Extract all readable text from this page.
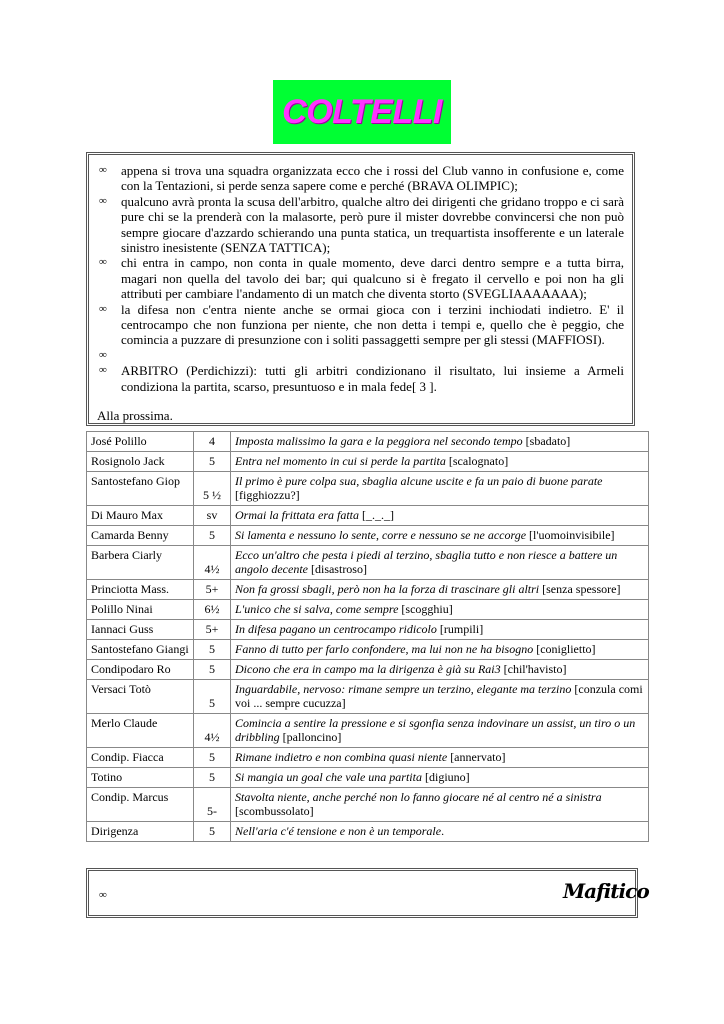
COLTELLI
∞	appena si trova una squadra organizzata ecco che i rossi del Club vanno in confusione e, come con la Tentazioni, si perde senza sapere come e perché (BRAVA OLIMPIC);
∞	qualcuno avrà pronta la scusa dell'arbitro, qualche altro dei dirigenti che gridano troppo e ci sarà pure chi se la prenderà con la malasorte, però pure il mister dovrebbe convincersi che non può sempre giocare d'azzardo schierando una punta statica, un trequartista insofferente e un laterale sinistro inesistente (SENZA TATTICA);
∞	chi entra in campo, non conta in quale momento, deve darci dentro sempre e a tutta birra, magari non quella del tavolo dei bar; qui qualcuno si è fregato il cervello e poi non ha gli attributi per cambiare l'andamento di un match che diventa storto (SVEGLIAAAAAAA);
∞	la difesa non c'entra niente anche se ormai gioca con i terzini inchiodati indietro. E' il centrocampo che non funziona per niente, che non detta i tempi e, quello che è peggio, che comincia a puzzare di presunzione con i soliti passaggetti sempre per gli stessi (MAFFIOSI).
∞

∞	ARBITRO (Perdichizzi): tutti gli arbitri condizionano il risultato, lui insieme a Armeli condiziona la partita, scarso, presuntuoso e in mala fede[ 3 ].
Alla prossima.
José Polillo	4	Imposta malissimo la gara e la peggiora nel secondo tempo [sbadato]
Rosignolo Jack	5	Entra nel momento in cui si perde la partita [scalognato]
Santostefano Giop	5 ½	Il primo è pure colpa sua, sbaglia alcune uscite e fa un paio di buone parate [figghiozzu?]
Di Mauro Max	sv	Ormai la frittata era fatta [_._._]
Camarda Benny	5	Si lamenta e nessuno lo sente, corre e nessuno se ne accorge [l'uomoinvisibile]
Barbera Ciarly	4½	Ecco un'altro che pesta i piedi al terzino, sbaglia tutto e non riesce a battere un angolo decente [disastroso]
Princiotta Mass.	5+	Non fa grossi sbagli, però non ha la forza di trascinare gli altri [senza spessore]
Polillo Ninai	6½	L'unico che si salva, come sempre [scogghiu]
Iannaci Guss	5+	In difesa pagano un centrocampo ridicolo [rumpili]
Santostefano Giangi	5	Fanno di tutto per farlo confondere, ma lui non ne ha bisogno [coniglietto]
Condipodaro Ro	5	Dicono che era in campo ma la dirigenza è già su Rai3 [chil'havisto]
Versaci Totò	5	Inguardabile, nervoso: rimane sempre un terzino, elegante ma terzino [conzula comi voi ... sempre cucuzza]
Merlo Claude	4½	Comincia a sentire la pressione e si sgonfia senza indovinare un assist, un tiro o un dribbling [palloncino]
Condip. Fiacca	5	Rimane indietro e non combina quasi niente [annervato]
Totino	5	Si mangia un goal che vale una partita [digiuno]
Condip. Marcus	5-	Stavolta niente, anche perché non lo fanno giocare né al centro né a sinistra [scombussolato]
Dirigenza	5	Nell'aria c'é tensione e non è un temporale.
∞	Mafitico
